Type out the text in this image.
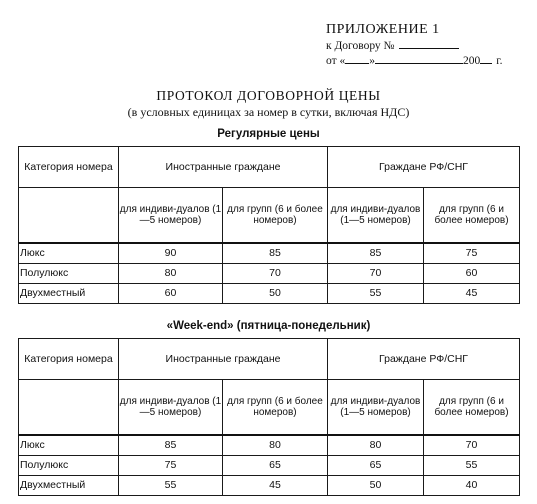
ПРИЛОЖЕНИЕ 1
к Договору №
от « »	200 г.
ПРОТОКОЛ ДОГОВОРНОЙ ЦЕНЫ
(в условных единицах за номер в сутки, включая НДС)
Регулярные цены
Категория номера	Иностранные граждане		Граждане РФ/СНГ	
	для индиви-дуалов (1—5 номеров)	для групп (6 и более номеров)	для индиви-дуалов (1—5 номеров)	для групп (6 и более номеров)
Люкс	90	85	85	75
Полулюкс	80	70	70	60
Двухместный	60	50	55	45
«Week-end» (пятница-понедельник)
Категория номера	Иностранные граждане		Граждане РФ/СНГ	
	для индиви-дуалов (1—5 номеров)	для групп (6 и более номеров)	для индиви-дуалов (1—5 номеров)	для групп (6 и более номеров)
Люкс	85	80	80	70
Полулюкс	75	65	65	55
Двухместный	55	45	50	40
